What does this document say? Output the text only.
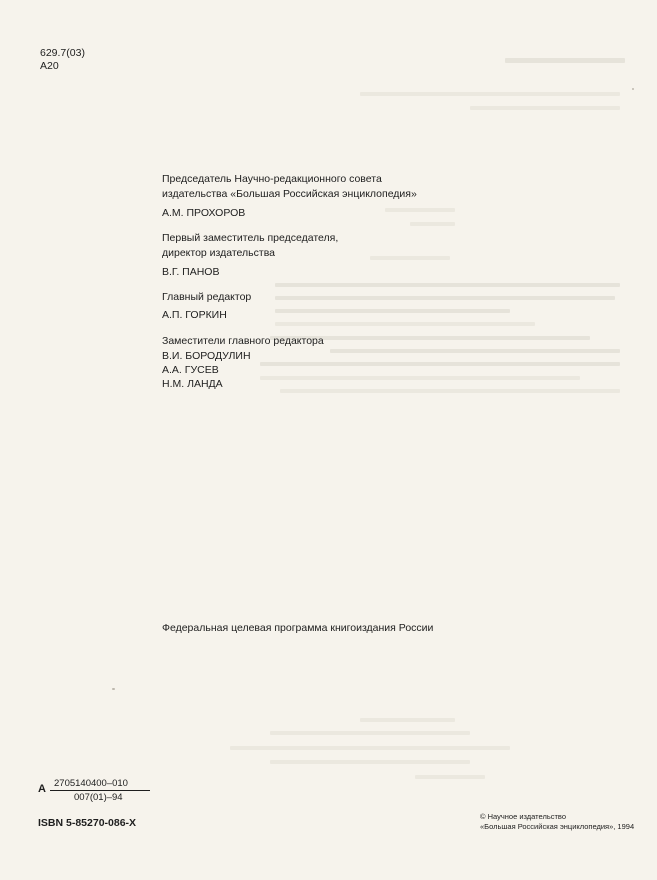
629.7(03)
А20
Председатель Научно-редакционного совета
издательства «Большая Российская энциклопедия»
А.М. ПРОХОРОВ
Первый заместитель председателя,
директор издательства
В.Г. ПАНОВ
Главный редактор
А.П. ГОРКИН
Заместители главного редактора
В.И. БОРОДУЛИН
А.А. ГУСЕВ
Н.М. ЛАНДА
Федеральная целевая программа книгоиздания России
А 2705140400–010
007(01)–94
ISBN 5-85270-086-X
© Научное издательство
«Большая Российская энциклопедия», 1994
